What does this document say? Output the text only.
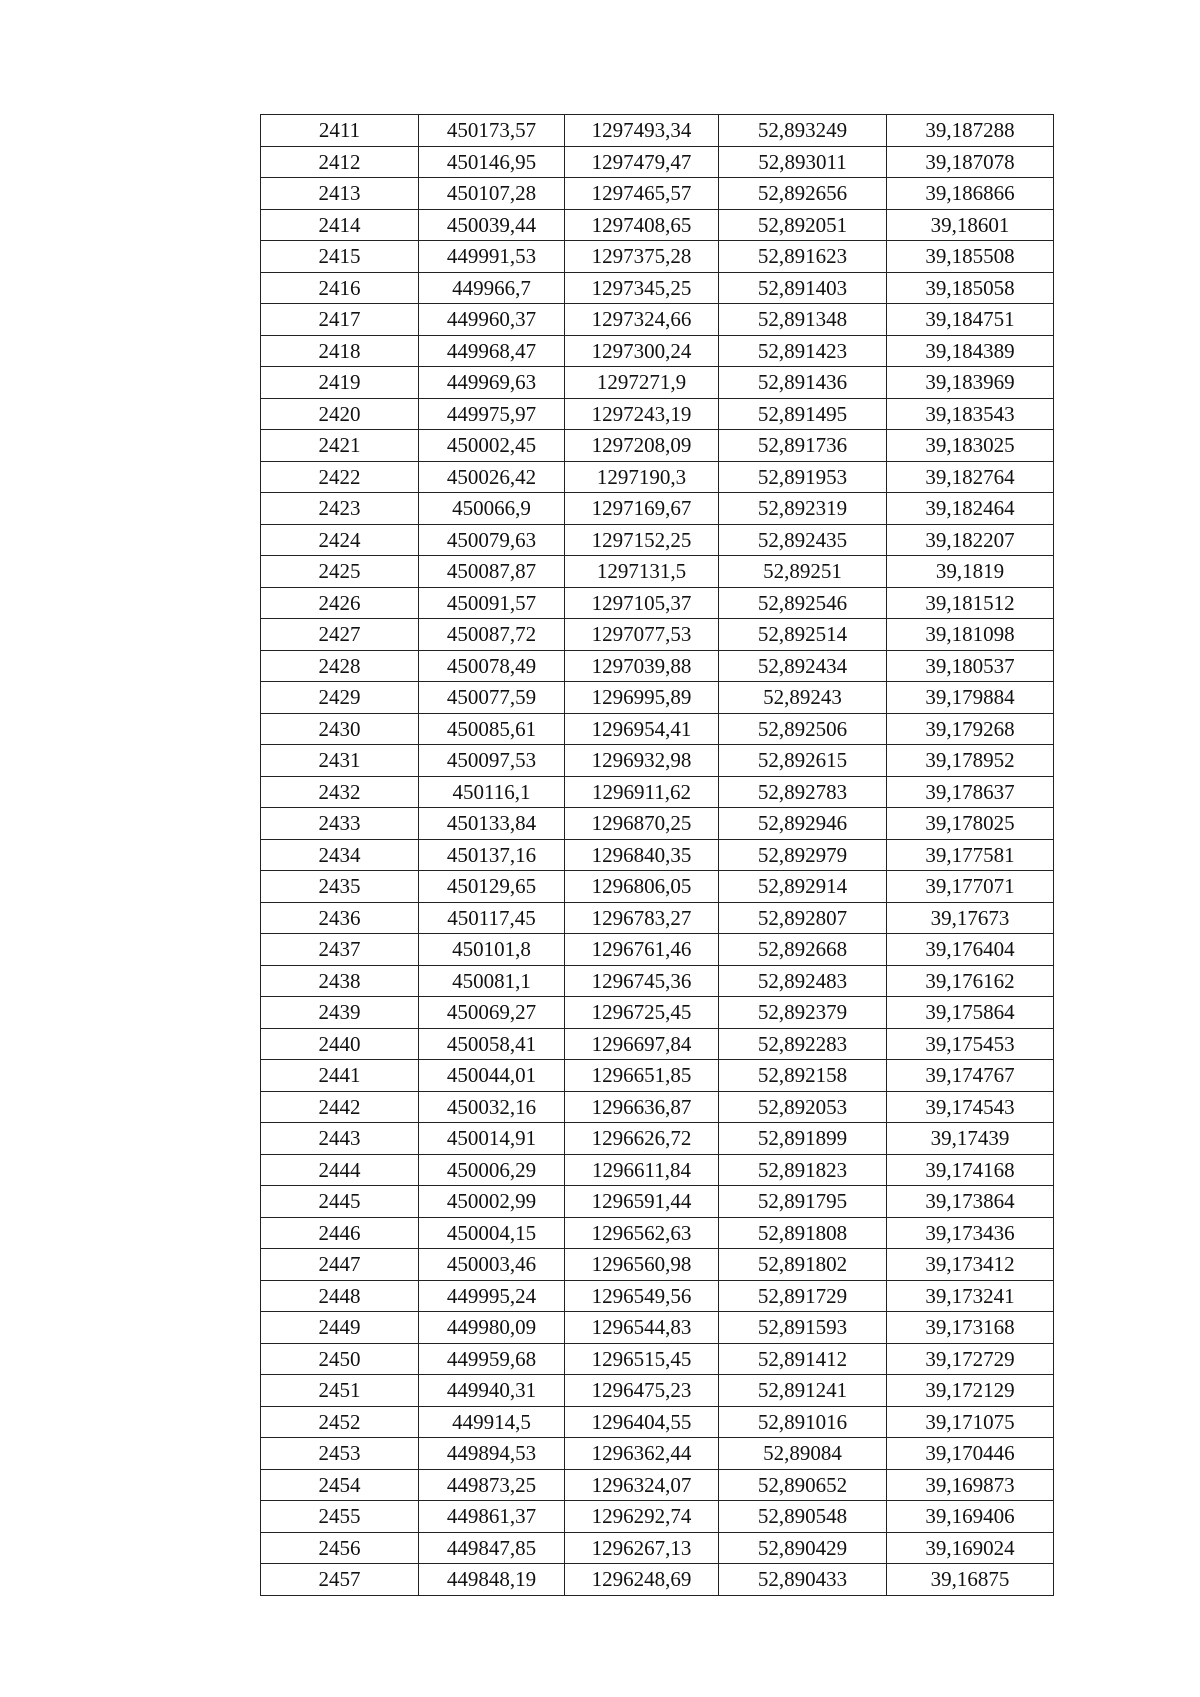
2411	450173,57	1297493,34	52,893249	39,187288
2412	450146,95	1297479,47	52,893011	39,187078
2413	450107,28	1297465,57	52,892656	39,186866
2414	450039,44	1297408,65	52,892051	39,18601
2415	449991,53	1297375,28	52,891623	39,185508
2416	449966,7	1297345,25	52,891403	39,185058
2417	449960,37	1297324,66	52,891348	39,184751
2418	449968,47	1297300,24	52,891423	39,184389
2419	449969,63	1297271,9	52,891436	39,183969
2420	449975,97	1297243,19	52,891495	39,183543
2421	450002,45	1297208,09	52,891736	39,183025
2422	450026,42	1297190,3	52,891953	39,182764
2423	450066,9	1297169,67	52,892319	39,182464
2424	450079,63	1297152,25	52,892435	39,182207
2425	450087,87	1297131,5	52,89251	39,1819
2426	450091,57	1297105,37	52,892546	39,181512
2427	450087,72	1297077,53	52,892514	39,181098
2428	450078,49	1297039,88	52,892434	39,180537
2429	450077,59	1296995,89	52,89243	39,179884
2430	450085,61	1296954,41	52,892506	39,179268
2431	450097,53	1296932,98	52,892615	39,178952
2432	450116,1	1296911,62	52,892783	39,178637
2433	450133,84	1296870,25	52,892946	39,178025
2434	450137,16	1296840,35	52,892979	39,177581
2435	450129,65	1296806,05	52,892914	39,177071
2436	450117,45	1296783,27	52,892807	39,17673
2437	450101,8	1296761,46	52,892668	39,176404
2438	450081,1	1296745,36	52,892483	39,176162
2439	450069,27	1296725,45	52,892379	39,175864
2440	450058,41	1296697,84	52,892283	39,175453
2441	450044,01	1296651,85	52,892158	39,174767
2442	450032,16	1296636,87	52,892053	39,174543
2443	450014,91	1296626,72	52,891899	39,17439
2444	450006,29	1296611,84	52,891823	39,174168
2445	450002,99	1296591,44	52,891795	39,173864
2446	450004,15	1296562,63	52,891808	39,173436
2447	450003,46	1296560,98	52,891802	39,173412
2448	449995,24	1296549,56	52,891729	39,173241
2449	449980,09	1296544,83	52,891593	39,173168
2450	449959,68	1296515,45	52,891412	39,172729
2451	449940,31	1296475,23	52,891241	39,172129
2452	449914,5	1296404,55	52,891016	39,171075
2453	449894,53	1296362,44	52,89084	39,170446
2454	449873,25	1296324,07	52,890652	39,169873
2455	449861,37	1296292,74	52,890548	39,169406
2456	449847,85	1296267,13	52,890429	39,169024
2457	449848,19	1296248,69	52,890433	39,16875
